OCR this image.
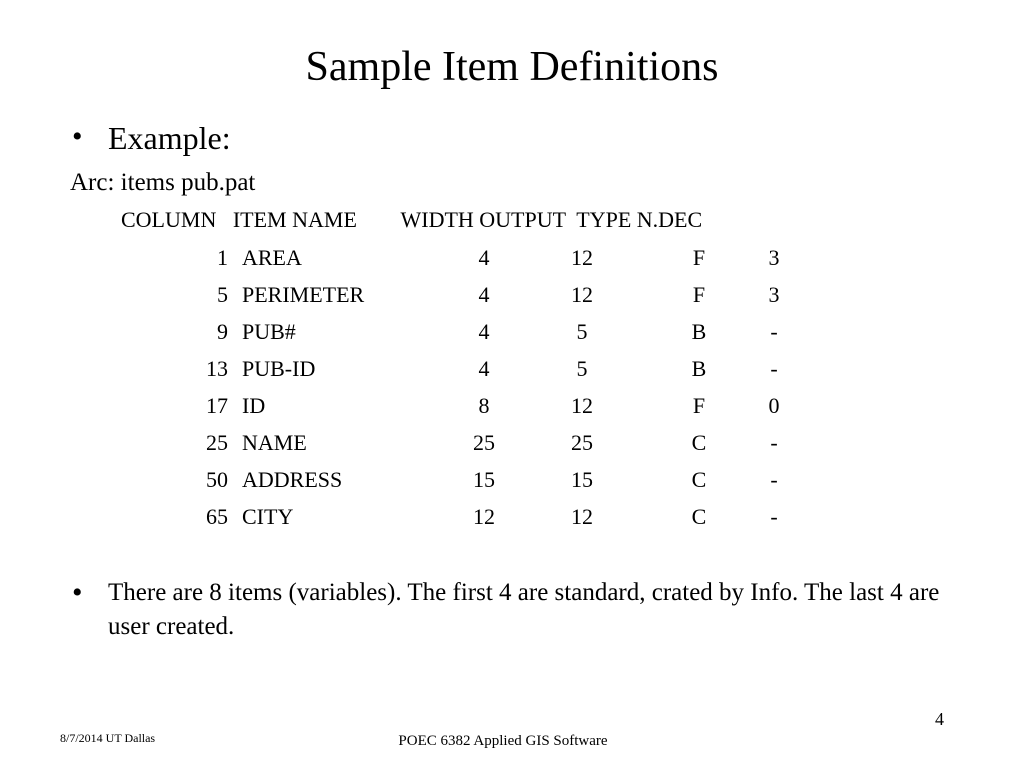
Sample Item Definitions
• Example:
Arc: items pub.pat
COLUMN   ITEM NAME        WIDTH OUTPUT  TYPE N.DEC
1 AREA	4	12	F	3
5 PERIMETER	4	12	F	3
9 PUB#	4	5	B	-
13 PUB-ID	4	5	B	-
17 ID	8	12	F	0
25 NAME	25	25	C	-
50 ADDRESS	15	15	C	-
65 CITY	12	12	C	-
• There are 8 items (variables). The first 4 are standard, crated by Info. The last 4 are user created.
4
8/7/2014 UT Dallas	POEC 6382 Applied GIS Software
